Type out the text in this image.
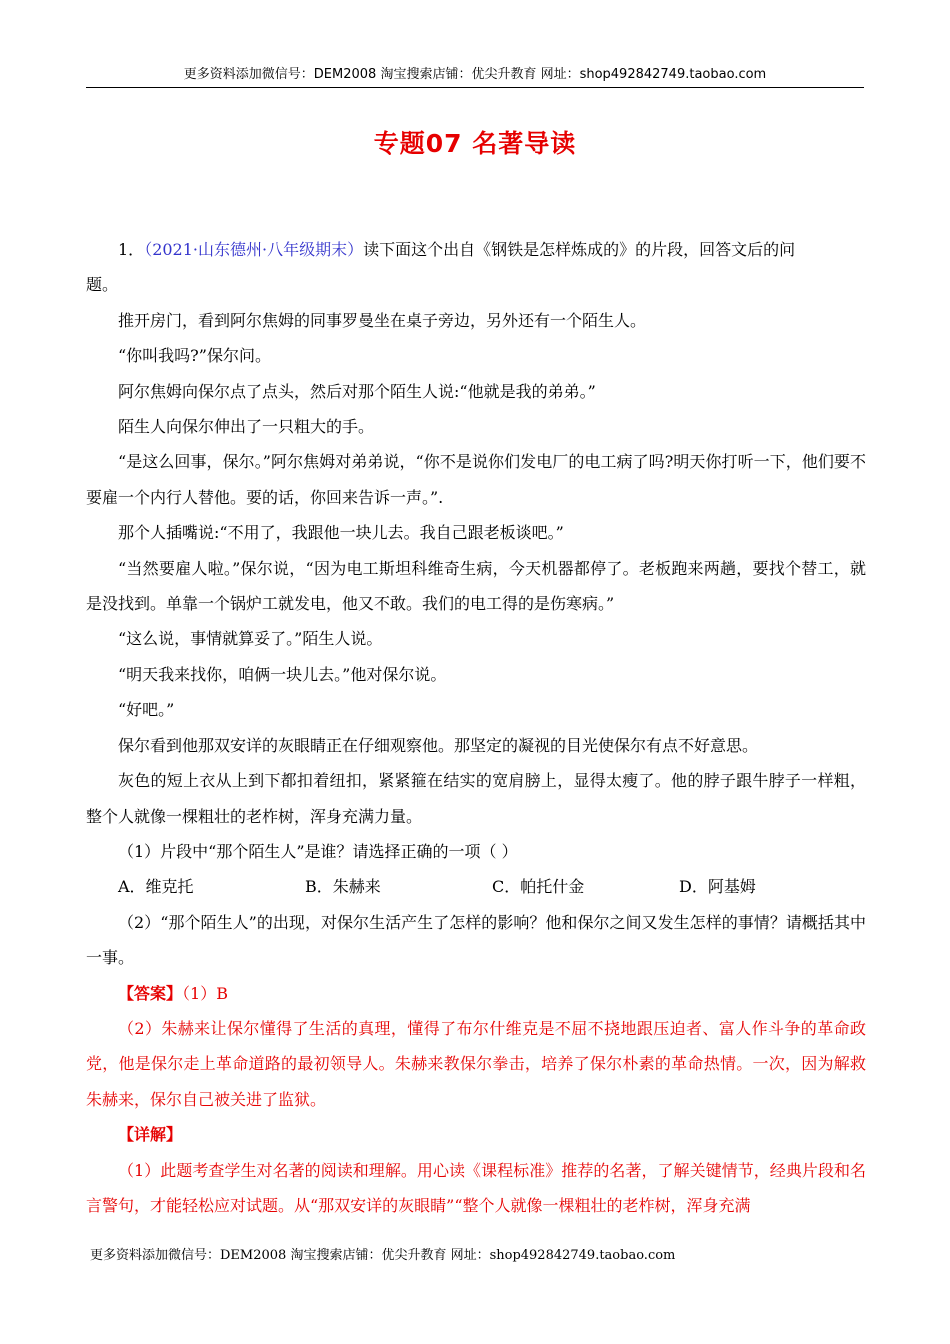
更多资料添加微信号：DEM2008 淘宝搜索店铺：优尖升教育 网址：shop492842749.taobao.com
专题07 名著导读

1．（2021·山东德州·八年级期末）读下面这个出自《钢铁是怎样炼成的》的片段，回答文后的问

题。

推开房门，看到阿尔焦姆的同事罗曼坐在桌子旁边，另外还有一个陌生人。

“你叫我吗?”保尔问。

阿尔焦姆向保尔点了点头，然后对那个陌生人说:“他就是我的弟弟。”

陌生人向保尔伸出了一只粗大的手。

“是这么回事，保尔。”阿尔焦姆对弟弟说，“你不是说你们发电厂的电工病了吗?明天你打听一下，他们要不要雇一个内行人替他。要的话，你回来告诉一声。”.

那个人插嘴说:“不用了，我跟他一块儿去。我自己跟老板谈吧。”

“当然要雇人啦。”保尔说，“因为电工斯坦科维奇生病，今天机器都停了。老板跑来两趟，要找个替工，就是没找到。单靠一个锅炉工就发电，他又不敢。我们的电工得的是伤寒病。”

“这么说，事情就算妥了。”陌生人说。

“明天我来找你，咱俩一块儿去。”他对保尔说。

“好吧。”

保尔看到他那双安详的灰眼睛正在仔细观察他。那坚定的凝视的目光使保尔有点不好意思。

灰色的短上衣从上到下都扣着纽扣，紧紧箍在结实的宽肩膀上，显得太瘦了。他的脖子跟牛脖子一样粗，整个人就像一棵粗壮的老柞树，浑身充满力量。

（1）片段中“那个陌生人”是谁？请选择正确的一项（ ）

A．维克托	B．朱赫来	C．帕托什金	D．阿基姆

（2）“那个陌生人”的出现，对保尔生活产生了怎样的影响？他和保尔之间又发生怎样的事情？请概括其中一事。

【答案】（1）B

（2）朱赫来让保尔懂得了生活的真理，懂得了布尔什维克是不屈不挠地跟压迫者、富人作斗争的革命政党，他是保尔走上革命道路的最初领导人。朱赫来教保尔拳击，培养了保尔朴素的革命热情。一次，因为解救朱赫来，保尔自己被关进了监狱。

【详解】

（1）此题考查学生对名著的阅读和理解。用心读《课程标准》推荐的名著，了解关键情节，经典片段和名言警句，才能轻松应对试题。从“那双安详的灰眼睛”“整个人就像一棵粗壮的老柞树，浑身充满

更多资料添加微信号：DEM2008 淘宝搜索店铺：优尖升教育 网址：shop492842749.taobao.com
